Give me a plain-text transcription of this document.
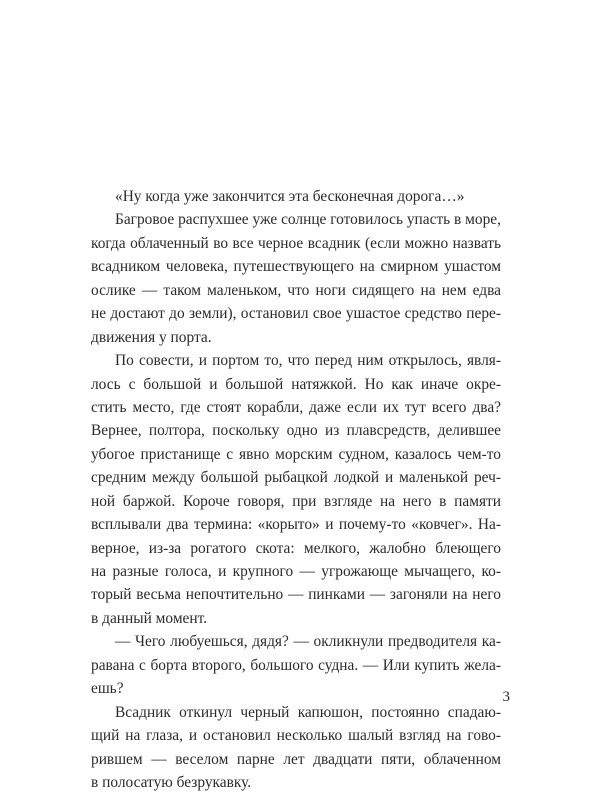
«Ну когда уже закончится эта бесконечная дорога…»
Багровое распухшее уже солнце готовилось упасть в море,
когда облаченный во все черное всадник (если можно назвать
всадником человека, путешествующего на смирном ушастом
ослике — таком маленьком, что ноги сидящего на нем едва
не достают до земли), остановил свое ушастое средство пере-
движения у порта.
По совести, и портом то, что перед ним открылось, явля-
лось с большой и большой натяжкой. Но как иначе окре-
стить место, где стоят корабли, даже если их тут всего два?
Вернее, полтора, поскольку одно из плавсредств, делившее
убогое пристанище с явно морским судном, казалось чем-то
средним между большой рыбацкой лодкой и маленькой реч-
ной баржой. Короче говоря, при взгляде на него в памяти
всплывали два термина: «корыто» и почему-то «ковчег». На-
верное, из-за рогатого скота: мелкого, жалобно блеющего
на разные голоса, и крупного — угрожающе мычащего, ко-
торый весьма непочтительно — пинками — загоняли на него
в данный момент.
— Чего любуешься, дядя? — окликнули предводителя ка-
равана с борта второго, большого судна. — Или купить жела-
ешь?
Всадник откинул черный капюшон, постоянно спадаю-
щий на глаза, и остановил несколько шалый взгляд на гово-
рившем — веселом парне лет двадцати пяти, облаченном
в полосатую безрукавку.
3
